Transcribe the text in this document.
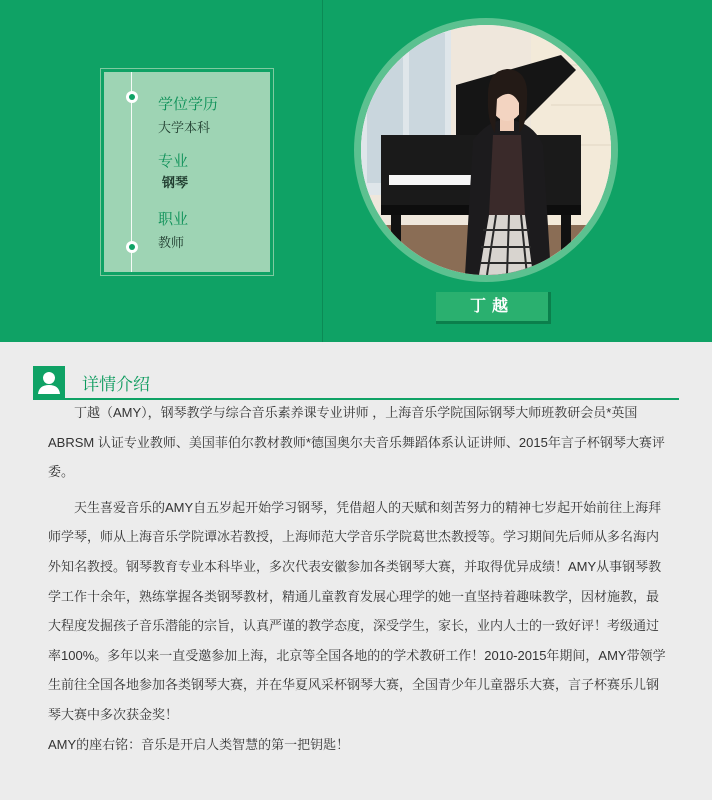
学位学历
大学本科
专业
钢琴
职业
教师
丁越
详情介绍

丁越（AMY），钢琴教学与综合音乐素养课专业讲师 ，上海音乐学院国际钢琴大师班教研会员*英国ABRSM 认证专业教师、美国菲伯尔教材教师*德国奥尔夫音乐舞蹈体系认证讲师、2015年言子杯钢琴大赛评委。

天生喜爱音乐的AMY自五岁起开始学习钢琴，凭借超人的天赋和刻苦努力的精神七岁起开始前往上海拜师学琴，师从上海音乐学院谭冰若教授，上海师范大学音乐学院葛世杰教授等。学习期间先后师从多名海内外知名教授。钢琴教育专业本科毕业，多次代表安徽参加各类钢琴大赛，并取得优异成绩！AMY从事钢琴教学工作十余年，熟练掌握各类钢琴教材，精通儿童教育发展心理学的她一直坚持着趣味教学，因材施教，最大程度发掘孩子音乐潜能的宗旨，认真严谨的教学态度，深受学生，家长，业内人士的一致好评！考级通过率100%。多年以来一直受邀参加上海，北京等全国各地的的学术教研工作！2010-2015年期间，AMY带领学生前往全国各地参加各类钢琴大赛，并在华夏风采杯钢琴大赛，全国青少年儿童器乐大赛，言子杯赛乐儿钢琴大赛中多次获金奖！

AMY的座右铭：音乐是开启人类智慧的第一把钥匙！
